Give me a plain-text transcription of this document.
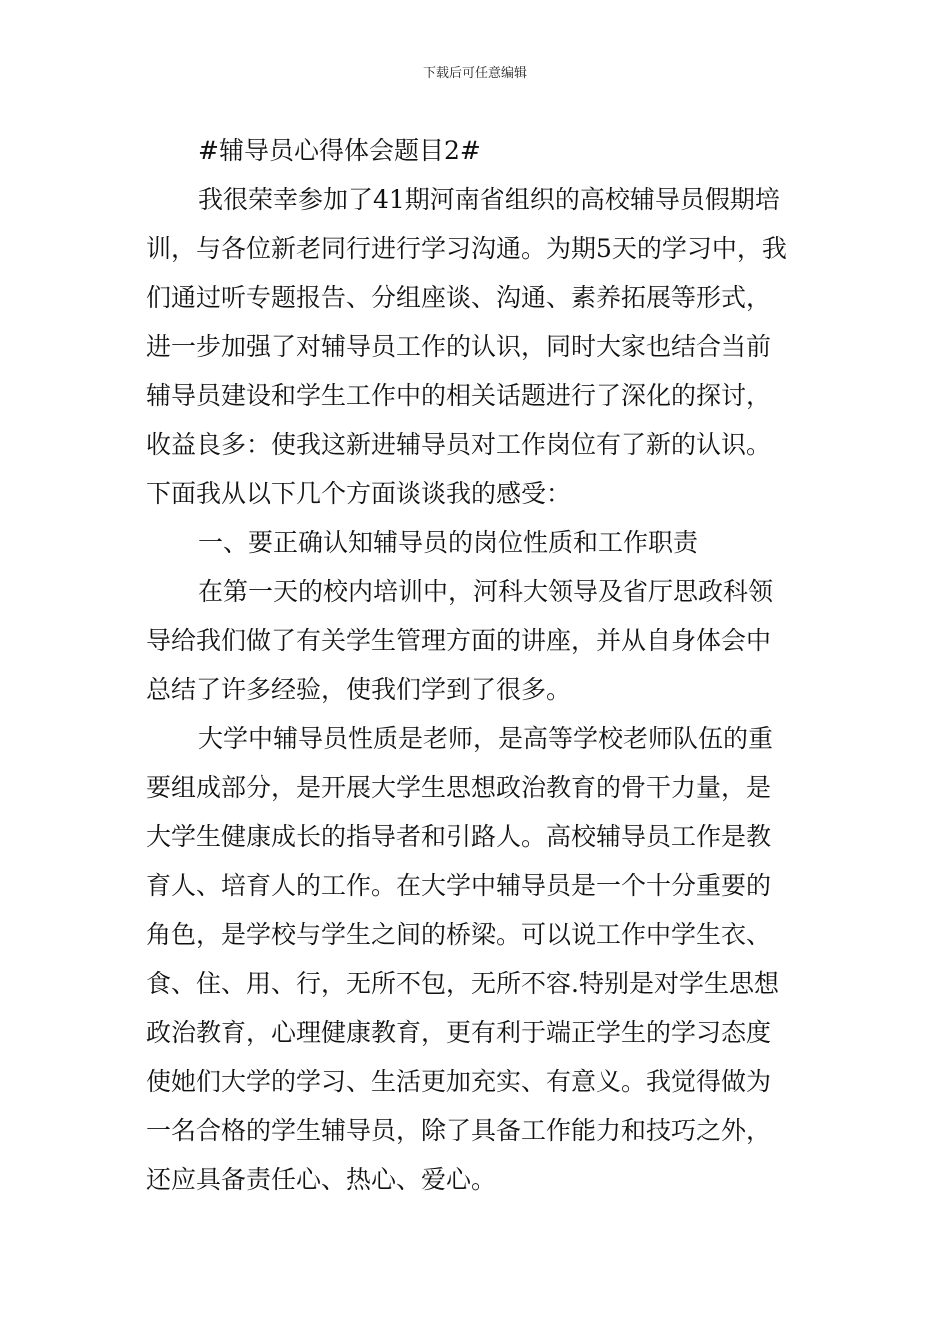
下载后可任意编辑
#辅导员心得体会题目2#
我很荣幸参加了41期河南省组织的高校辅导员假期培
训，与各位新老同行进行学习沟通。为期5天的学习中，我
们通过听专题报告、分组座谈、沟通、素养拓展等形式，
进一步加强了对辅导员工作的认识，同时大家也结合当前
辅导员建设和学生工作中的相关话题进行了深化的探讨，
收益良多：使我这新进辅导员对工作岗位有了新的认识。
下面我从以下几个方面谈谈我的感受：
一、要正确认知辅导员的岗位性质和工作职责
在第一天的校内培训中，河科大领导及省厅思政科领
导给我们做了有关学生管理方面的讲座，并从自身体会中
总结了许多经验，使我们学到了很多。
大学中辅导员性质是老师，是高等学校老师队伍的重
要组成部分，是开展大学生思想政治教育的骨干力量，是
大学生健康成长的指导者和引路人。高校辅导员工作是教
育人、培育人的工作。在大学中辅导员是一个十分重要的
角色，是学校与学生之间的桥梁。可以说工作中学生衣、
食、住、用、行，无所不包，无所不容.特别是对学生思想
政治教育，心理健康教育，更有利于端正学生的学习态度
使她们大学的学习、生活更加充实、有意义。我觉得做为
一名合格的学生辅导员，除了具备工作能力和技巧之外，
还应具备责任心、热心、爱心。
